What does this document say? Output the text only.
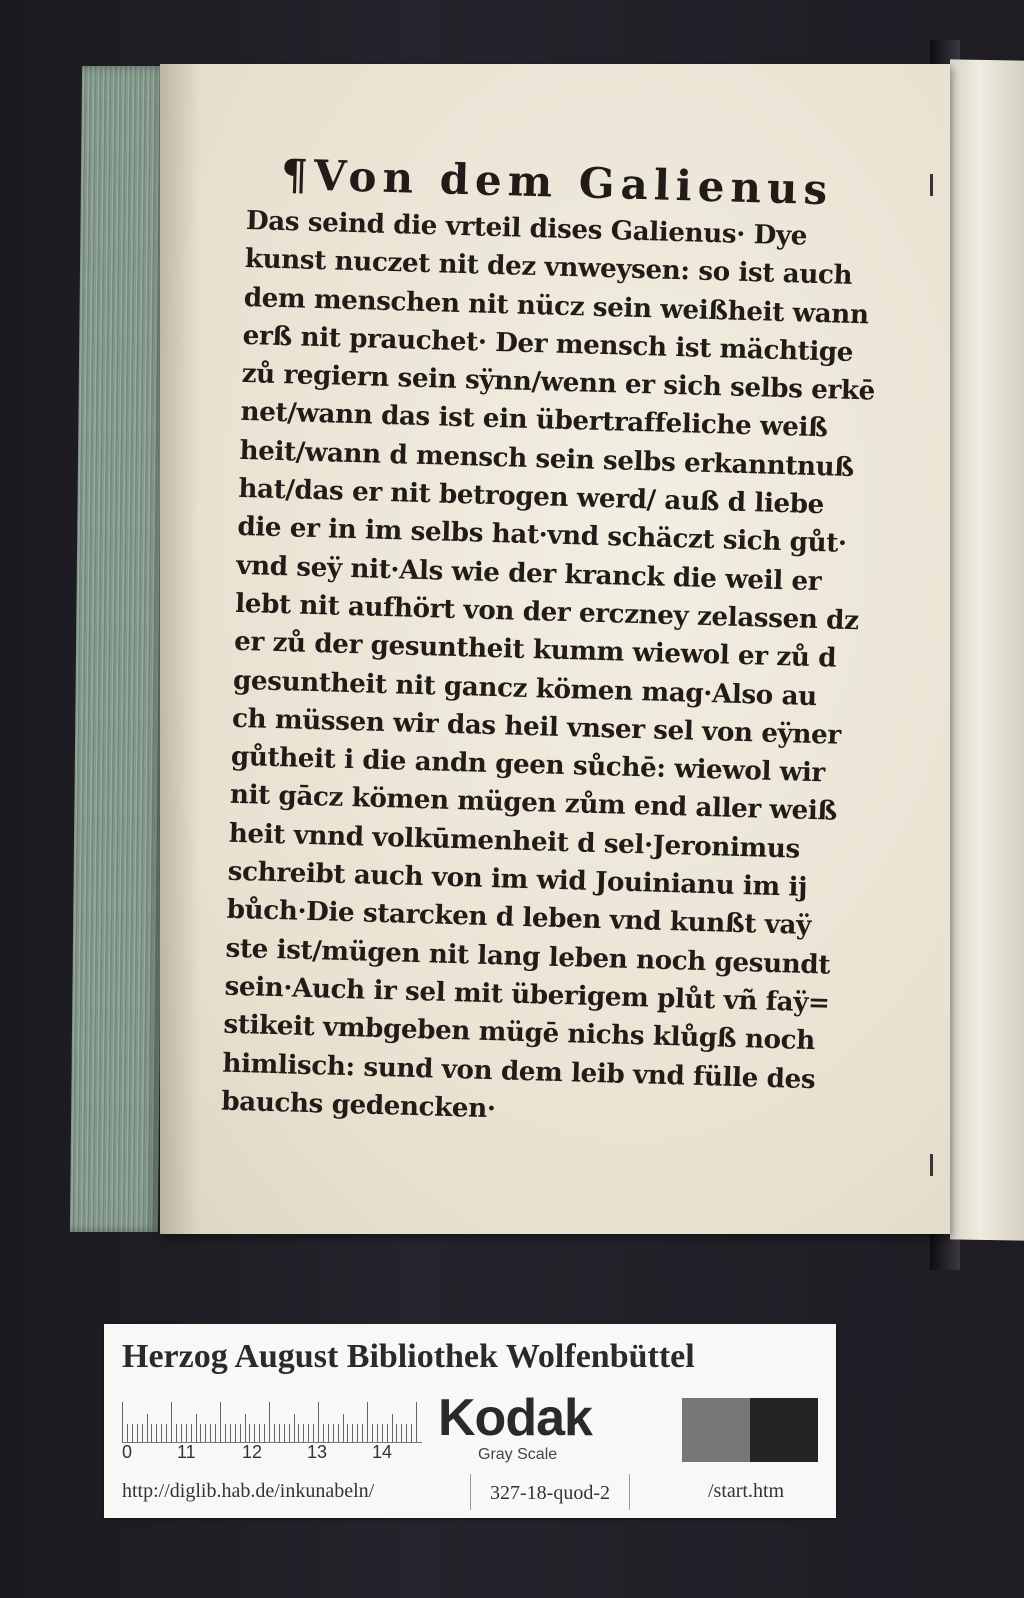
¶Von dem Galienus
Das seind die vrteil dises Galienus· Dye
kunst nuczet nit dez vnweysen: so ist auch
dem menschen nit nücz sein weißheit wann
erß nit prauchet· Der mensch ist mächtige
zů regiern sein sÿnn/wenn er sich selbs erkē
net/wann das ist ein übertraffeliche weiß
heit/wann d mensch sein selbs erkanntnuß
hat/das er nit betrogen werd/ auß d liebe
die er in im selbs hat·vnd schäczt sich gůt·
vnd seÿ nit·Als wie der kranck die weil er
lebt nit aufhört von der erczney zelassen dz
er zů der gesuntheit kumm wiewol er zů d
gesuntheit nit gancz kömen mag·Also au
ch müssen wir das heil vnser sel von eÿner
gůtheit i die andn geen sůchē: wiewol wir
nit gācz kömen mügen zům end aller weiß
heit vnnd volkūmenheit d sel·Jeronimus
schreibt auch von im wid Jouinianu im ij
bůch·Die starcken d leben vnd kunßt vaÿ
ste ist/mügen nit lang leben noch gesundt
sein·Auch ir sel mit überigem plůt vñ faÿ=
stikeit vmbgeben mügē nichs klůgß noch
himlisch: sund von dem leib vnd fülle des
bauchs gedencken·
Herzog August Bibliothek Wolfenbüttel
0 11	12 13 14
Kodak
Gray Scale
http://diglib.hab.de/inkunabeln/	327-18-quod-2	/start.htm
